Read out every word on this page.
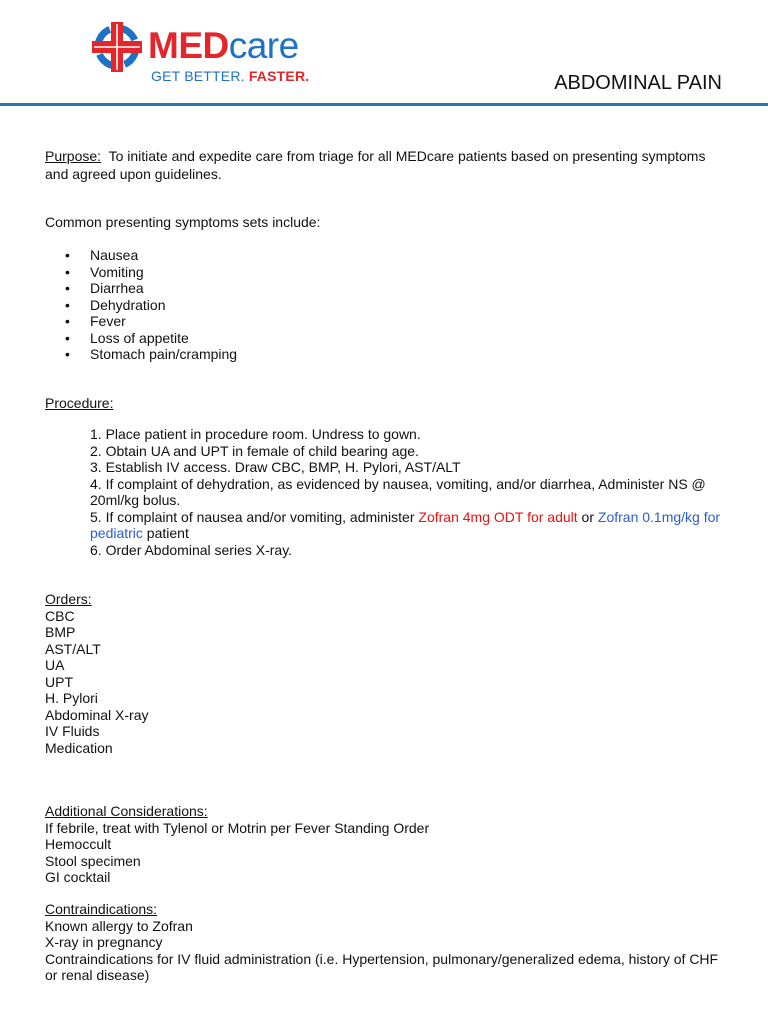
MEDcare
GET BETTER. FASTER.	ABDOMINAL PAIN
Purpose: To initiate and expedite care from triage for all MEDcare patients based on presenting symptoms
and agreed upon guidelines.
Common presenting symptoms sets include:
• Nausea
• Vomiting
• Diarrhea
• Dehydration
• Fever
• Loss of appetite
• Stomach pain/cramping
Procedure:
1. Place patient in procedure room. Undress to gown.
2. Obtain UA and UPT in female of child bearing age.
3. Establish IV access. Draw CBC, BMP, H. Pylori, AST/ALT
4. If complaint of dehydration, as evidenced by nausea, vomiting, and/or diarrhea, Administer NS @
20ml/kg bolus.
5. If complaint of nausea and/or vomiting, administer Zofran 4mg ODT for adult or Zofran 0.1mg/kg for
pediatric patient
6. Order Abdominal series X-ray.
Orders:
CBC
BMP
AST/ALT
UA
UPT
H. Pylori
Abdominal X-ray
IV Fluids
Medication
Additional Considerations:
If febrile, treat with Tylenol or Motrin per Fever Standing Order
Hemoccult
Stool specimen
GI cocktail
Contraindications:
Known allergy to Zofran
X-ray in pregnancy
Contraindications for IV fluid administration (i.e. Hypertension, pulmonary/generalized edema, history of CHF
or renal disease)
